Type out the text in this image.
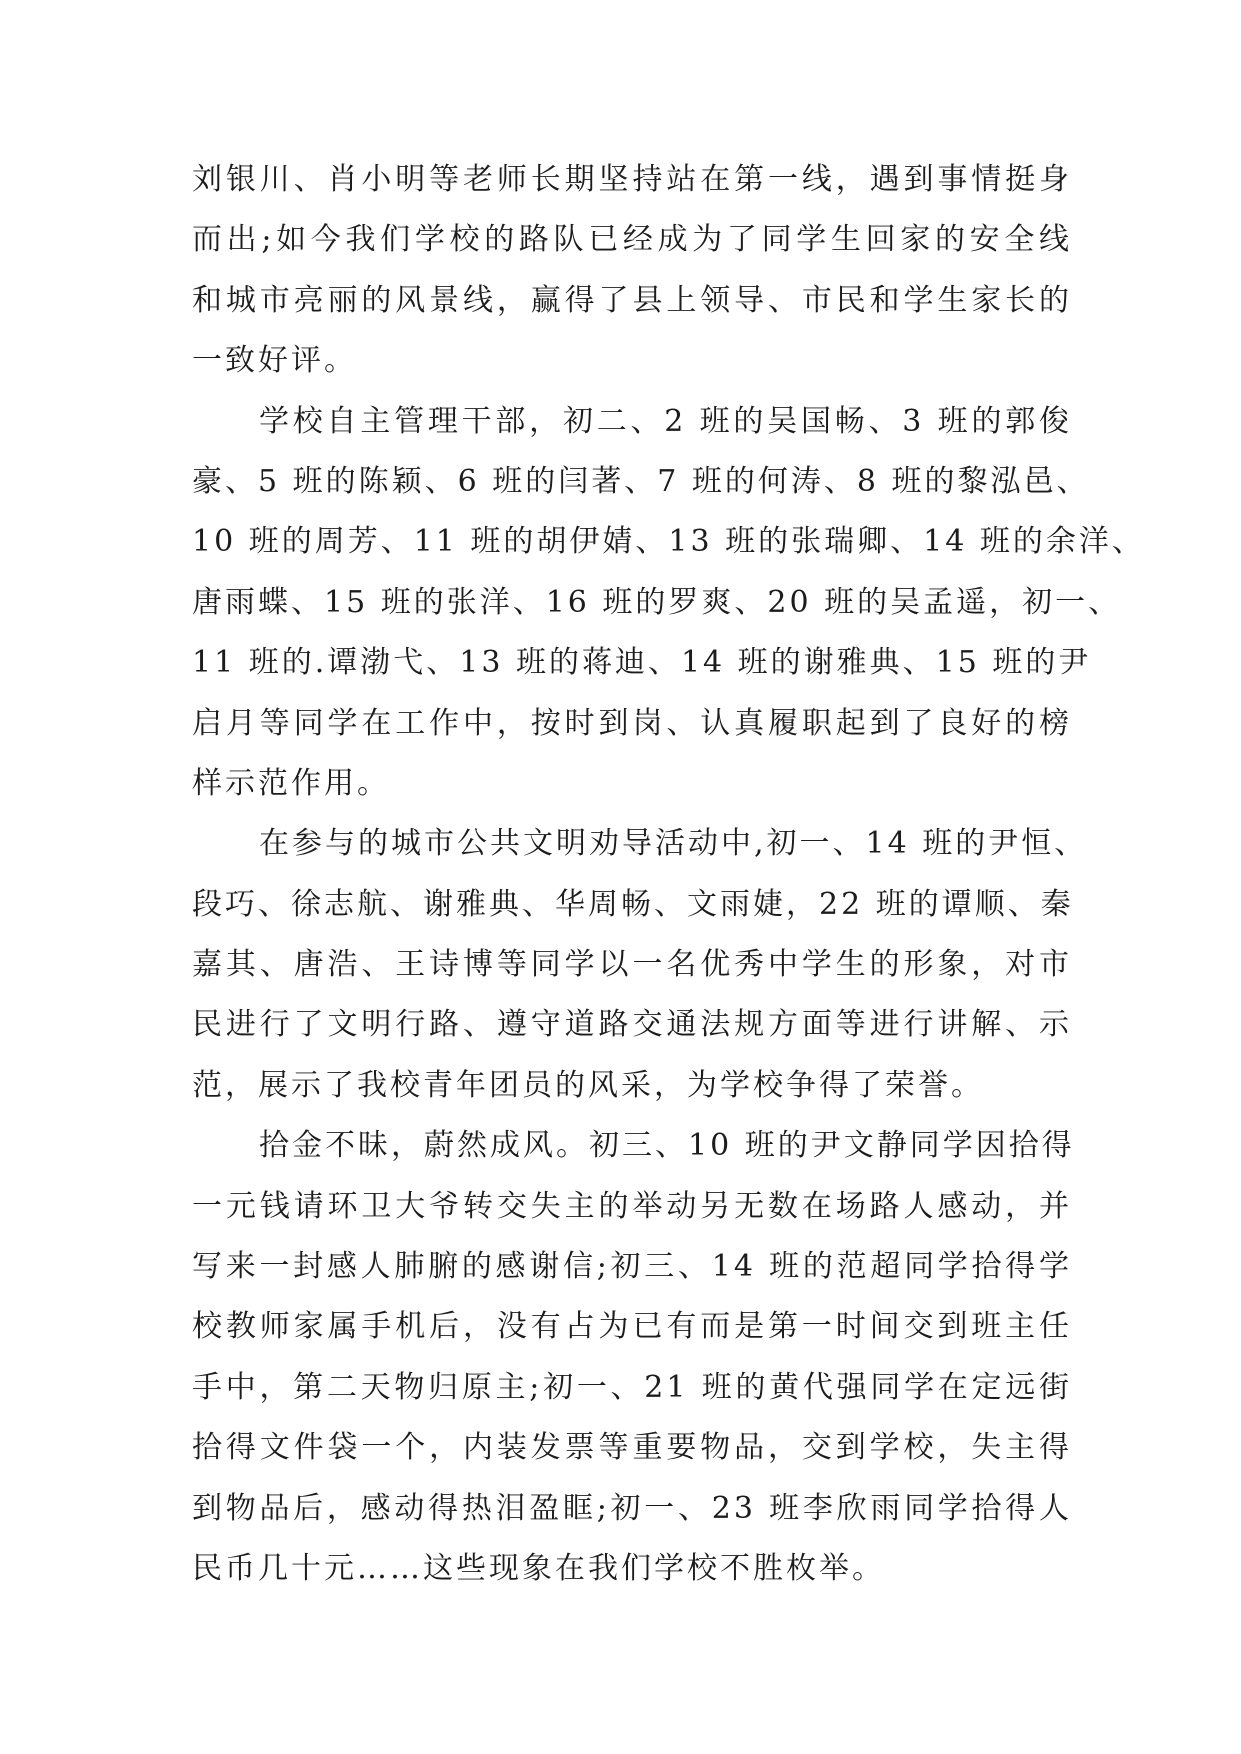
刘银川、肖小明等老师长期坚持站在第一线，遇到事情挺身
而出;如今我们学校的路队已经成为了同学生回家的安全线
和城市亮丽的风景线，赢得了县上领导、市民和学生家长的
一致好评。
学校自主管理干部，初二、2 班的吴国畅、3 班的郭俊
豪、5 班的陈颖、6 班的闫著、7 班的何涛、8 班的黎泓邑、
10 班的周芳、11 班的胡伊婧、13 班的张瑞卿、14 班的余洋、
唐雨蝶、15 班的张洋、16 班的罗爽、20 班的吴孟遥，初一、
11 班的.谭渤弋、13 班的蒋迪、14 班的谢雅典、15 班的尹
启月等同学在工作中，按时到岗、认真履职起到了良好的榜
样示范作用。
在参与的城市公共文明劝导活动中,初一、14 班的尹恒、
段巧、徐志航、谢雅典、华周畅、文雨婕，22 班的谭顺、秦
嘉其、唐浩、王诗博等同学以一名优秀中学生的形象，对市
民进行了文明行路、遵守道路交通法规方面等进行讲解、示
范，展示了我校青年团员的风采，为学校争得了荣誉。
拾金不昧，蔚然成风。初三、10 班的尹文静同学因拾得
一元钱请环卫大爷转交失主的举动另无数在场路人感动，并
写来一封感人肺腑的感谢信;初三、14 班的范超同学拾得学
校教师家属手机后，没有占为已有而是第一时间交到班主任
手中，第二天物归原主;初一、21 班的黄代强同学在定远街
拾得文件袋一个，内装发票等重要物品，交到学校，失主得
到物品后，感动得热泪盈眶;初一、23 班李欣雨同学拾得人
民币几十元……这些现象在我们学校不胜枚举。
